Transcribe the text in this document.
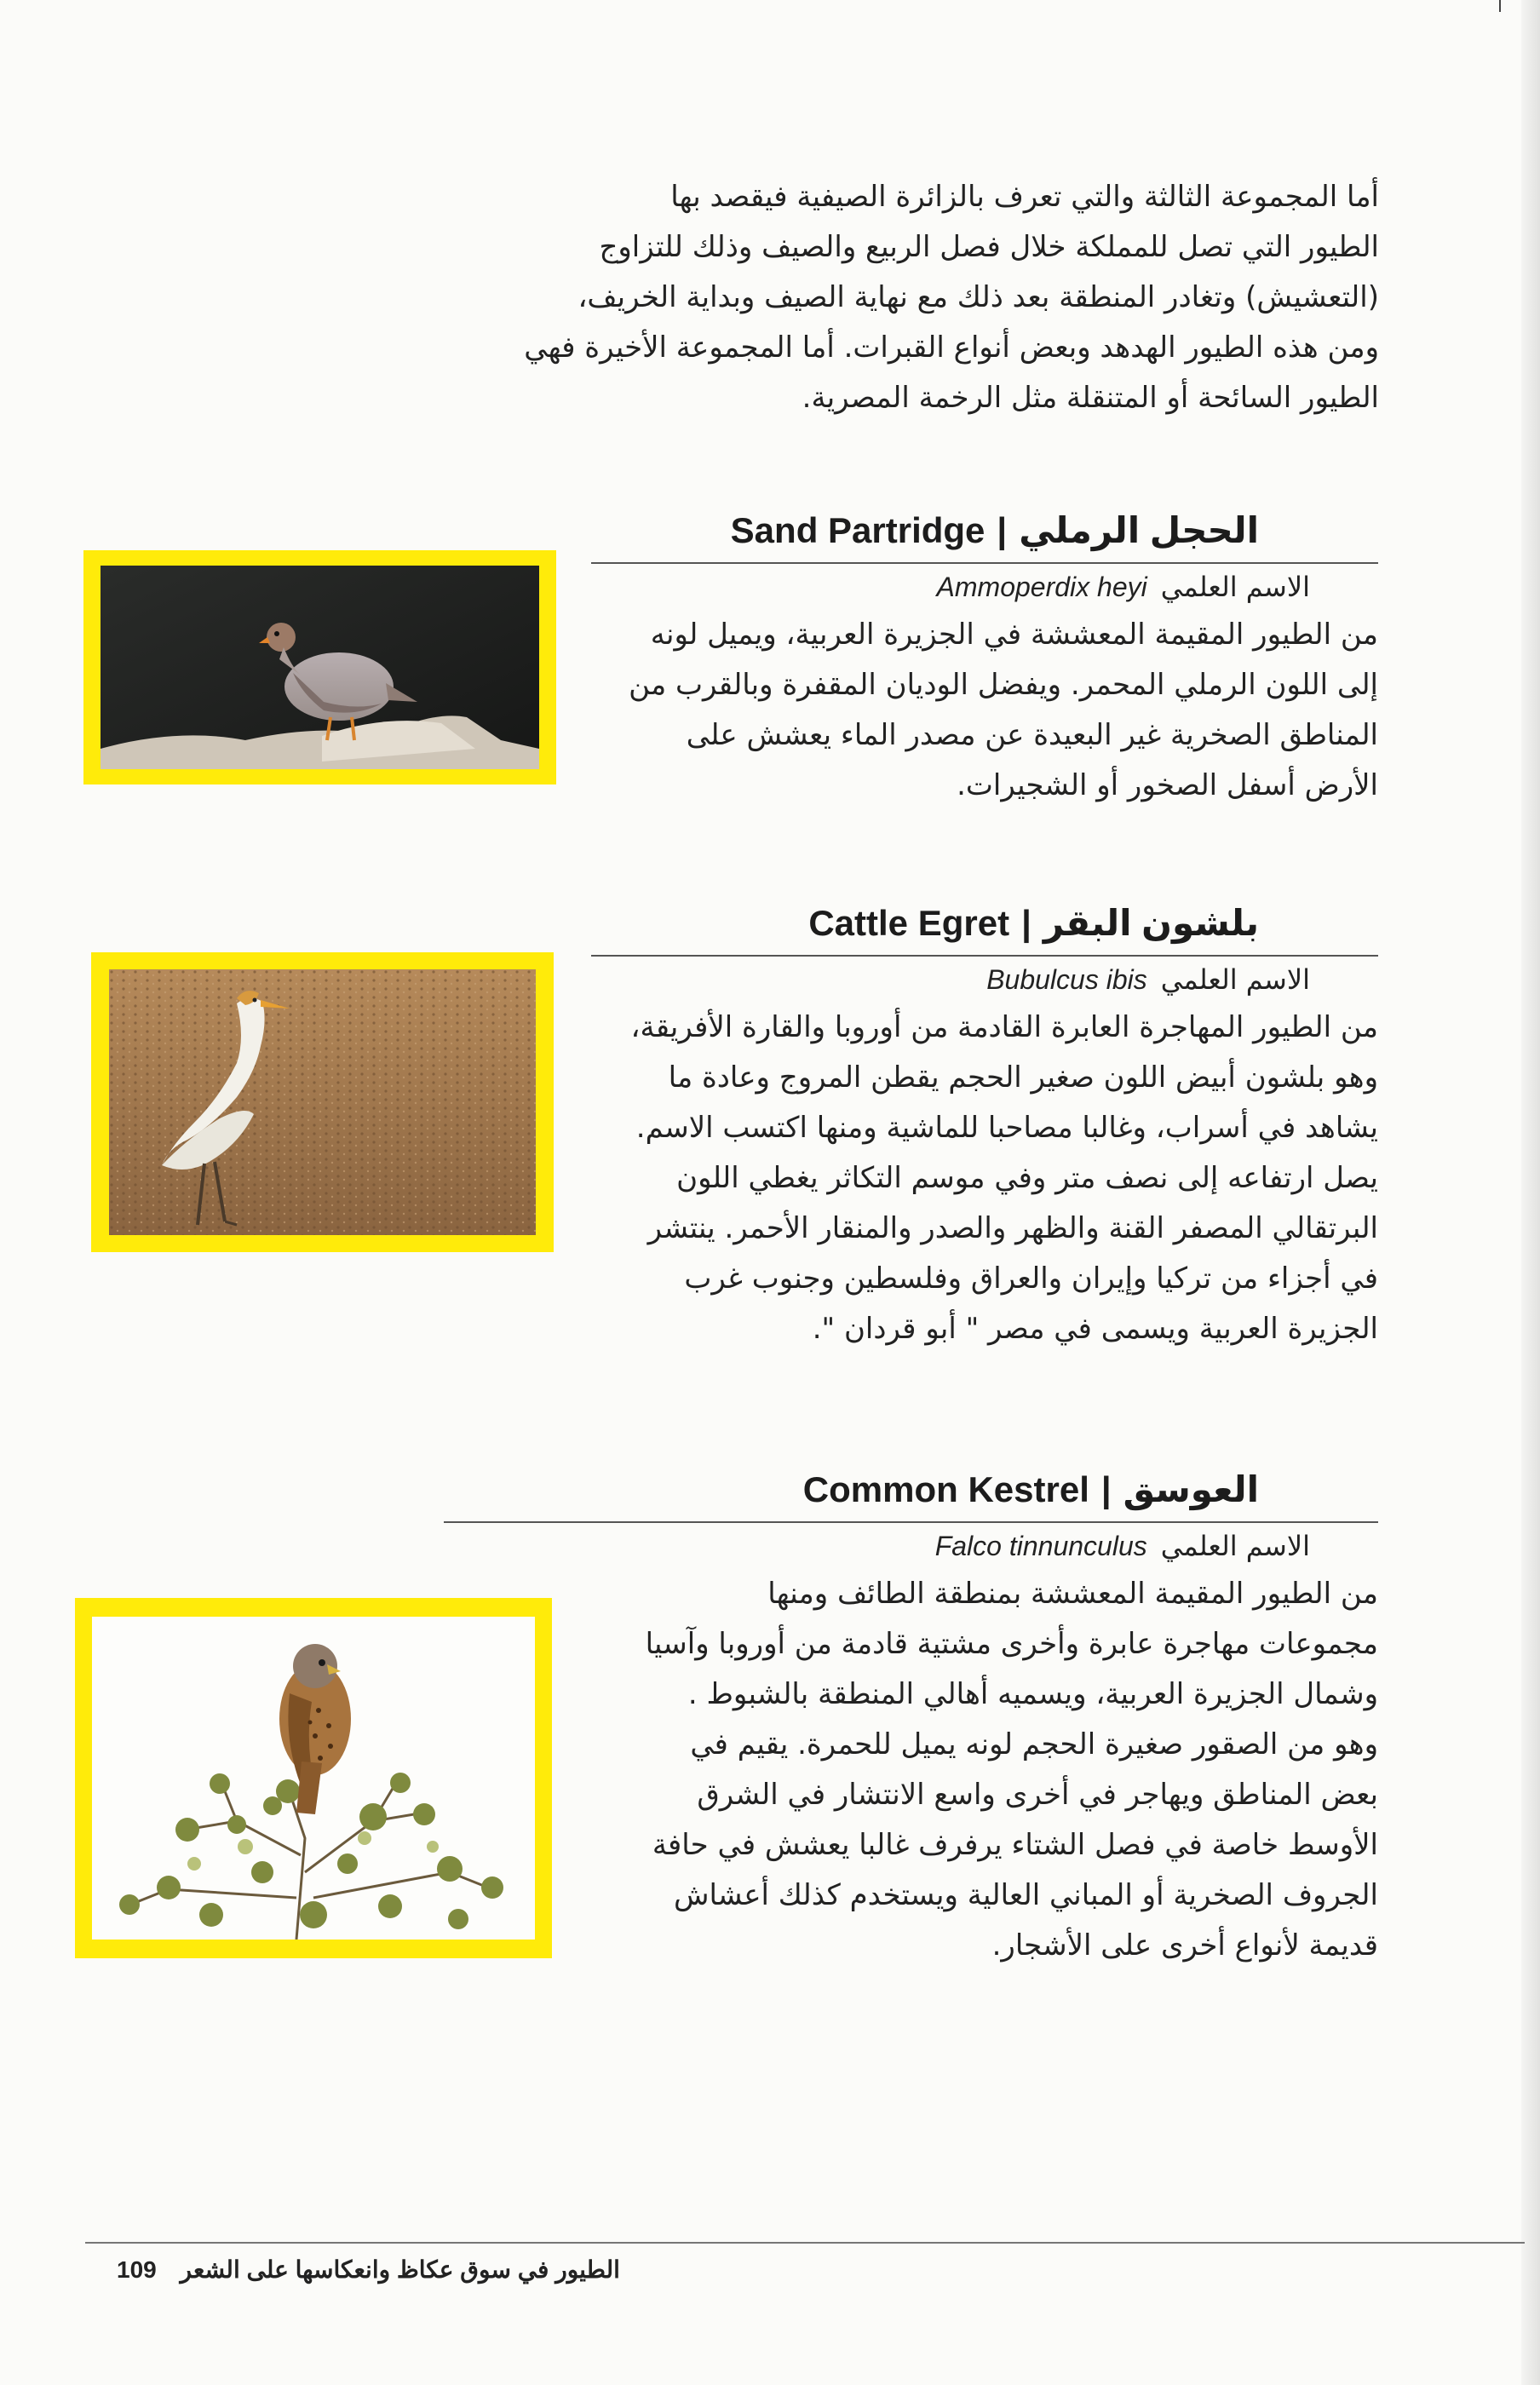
أما المجموعة الثالثة والتي تعرف بالزائرة الصيفية فيقصد بها

الطيور التي تصل للمملكة خلال فصل الربيع والصيف وذلك للتزاوج

(التعشيش) وتغادر المنطقة بعد ذلك مع نهاية الصيف وبداية الخريف،

ومن هذه الطيور الهدهد وبعض أنواع القبرات. أما المجموعة الأخيرة فهي

الطيور السائحة أو المتنقلة مثل الرخمة المصرية.

Sand Partridge | الحجل الرملي
الاسم العلميAmmoperdix heyi

من الطيور المقيمة المعششة في الجزيرة العربية، ويميل لونه

إلى اللون الرملي المحمر. ويفضل الوديان المقفرة وبالقرب من

المناطق الصخرية غير البعيدة عن مصدر الماء يعشش على

الأرض أسفل الصخور أو الشجيرات.

Cattle Egret | بلشون البقر
الاسم العلميBubulcus ibis

من الطيور المهاجرة العابرة القادمة من أوروبا والقارة الأفريقة،

وهو بلشون أبيض اللون صغير الحجم يقطن المروج وعادة ما

يشاهد في أسراب، وغالبا مصاحبا للماشية ومنها اكتسب الاسم.

يصل ارتفاعه إلى نصف متر وفي موسم التكاثر يغطي اللون

البرتقالي المصفر القنة والظهر والصدر والمنقار الأحمر. ينتشر

في أجزاء من تركيا وإيران والعراق وفلسطين وجنوب غرب

الجزيرة العربية ويسمى في مصر " أبو قردان ".

Common Kestrel | العوسق
الاسم العلميFalco tinnunculus

من الطيور المقيمة المعششة بمنطقة الطائف ومنها

مجموعات مهاجرة عابرة وأخرى مشتية قادمة من أوروبا وآسيا

وشمال الجزيرة العربية، ويسميه أهالي المنطقة بالشبوط .

وهو من الصقور صغيرة الحجم لونه يميل للحمرة. يقيم في

بعض المناطق ويهاجر في أخرى واسع الانتشار في الشرق

الأوسط خاصة في فصل الشتاء يرفرف غالبا يعشش في حافة

الجروف الصخرية أو المباني العالية ويستخدم كذلك أعشاش

قديمة لأنواع أخرى على الأشجار.

109 الطيور في سوق عكاظ وانعكاسها على الشعر
